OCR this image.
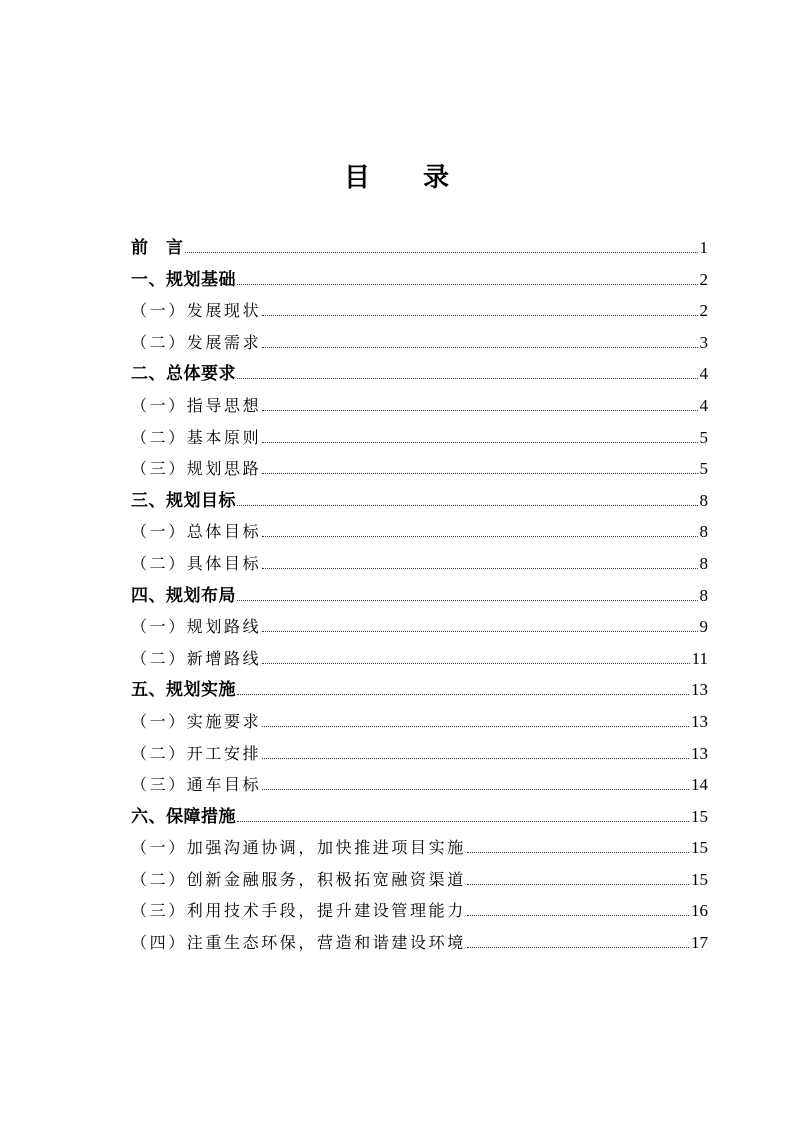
目 录
前　言	1
一、规划基础	2
（一）发展现状	2
（二）发展需求	3
二、总体要求	4
（一）指导思想	4
（二）基本原则	5
（三）规划思路	5
三、规划目标	8
（一）总体目标	8
（二）具体目标	8
四、规划布局	8
（一）规划路线	9
（二）新增路线	11
五、规划实施	13
（一）实施要求	13
（二）开工安排	13
（三）通车目标	14
六、保障措施	15
（一）加强沟通协调，加快推进项目实施	15
（二）创新金融服务，积极拓宽融资渠道	15
（三）利用技术手段，提升建设管理能力	16
（四）注重生态环保，营造和谐建设环境	17
